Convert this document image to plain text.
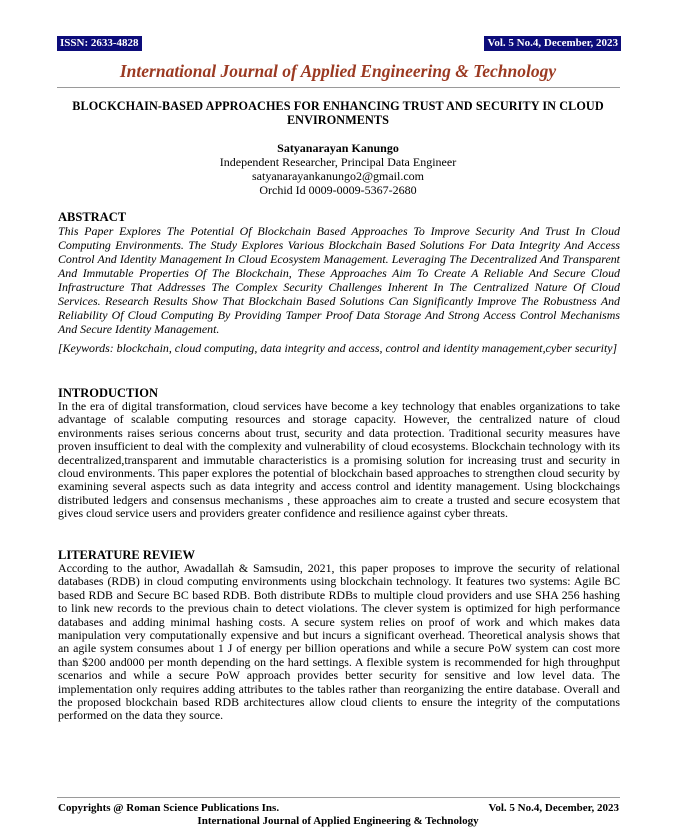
ISSN: 2633-4828	Vol. 5 No.4, December, 2023
International Journal of Applied Engineering & Technology
BLOCKCHAIN-BASED APPROACHES FOR ENHANCING TRUST AND SECURITY IN CLOUD ENVIRONMENTS
Satyanarayan Kanungo
Independent Researcher, Principal Data Engineer
satyanarayankanungo2@gmail.com
Orchid Id 0009-0009-5367-2680

ABSTRACT

This Paper Explores The Potential Of Blockchain Based Approaches To Improve Security And Trust In Cloud Computing Environments. The Study Explores Various Blockchain Based Solutions For Data Integrity And Access Control And Identity Management In Cloud Ecosystem Management. Leveraging The Decentralized And Transparent And Immutable Properties Of The Blockchain, These Approaches Aim To Create A Reliable And Secure Cloud Infrastructure That Addresses The Complex Security Challenges Inherent In The Centralized Nature Of Cloud Services. Research Results Show That Blockchain Based Solutions Can Significantly Improve The Robustness And Reliability Of Cloud Computing By Providing Tamper Proof Data Storage And Strong Access Control Mechanisms And Secure Identity Management.

[Keywords: blockchain, cloud computing, data integrity and access, control and identity management,cyber security]

INTRODUCTION

In the era of digital transformation, cloud services have become a key technology that enables organizations to take advantage of scalable computing resources and storage capacity. However, the centralized nature of cloud environments raises serious concerns about trust, security and data protection. Traditional security measures have proven insufficient to deal with the complexity and vulnerability of cloud ecosystems. Blockchain technology with its decentralized,transparent and immutable characteristics is a promising solution for increasing trust and security in cloud environments. This paper explores the potential of blockchain based approaches to strengthen cloud security by examining several aspects such as data integrity and access control and identity management. Using blockchaings distributed ledgers and consensus mechanisms , these approaches aim to create a trusted and secure ecosystem that gives cloud service users and providers greater confidence and resilience against cyber threats.

LITERATURE REVIEW

According to the author, Awadallah & Samsudin, 2021, this paper proposes to improve the security of relational databases (RDB) in cloud computing environments using blockchain technology. It features two systems: Agile BC based RDB and Secure BC based RDB. Both distribute RDBs to multiple cloud providers and use SHA 256 hashing to link new records to the previous chain to detect violations. The clever system is optimized for high performance databases and adding minimal hashing costs. A secure system relies on proof of work and which makes data manipulation very computationally expensive and but incurs a significant overhead. Theoretical analysis shows that an agile system consumes about 1 J of energy per billion operations and while a secure PoW system can cost more than $200 and000 per month depending on the hard settings. A flexible system is recommended for high throughput scenarios and while a secure PoW approach provides better security for sensitive and low level data. The implementation only requires adding attributes to the tables rather than reorganizing the entire database. Overall and the proposed blockchain based RDB architectures allow cloud clients to ensure the integrity of the computations performed on the data they source.

Copyrights @ Roman Science Publications Ins.	Vol. 5 No.4, December, 2023
International Journal of Applied Engineering & Technology
